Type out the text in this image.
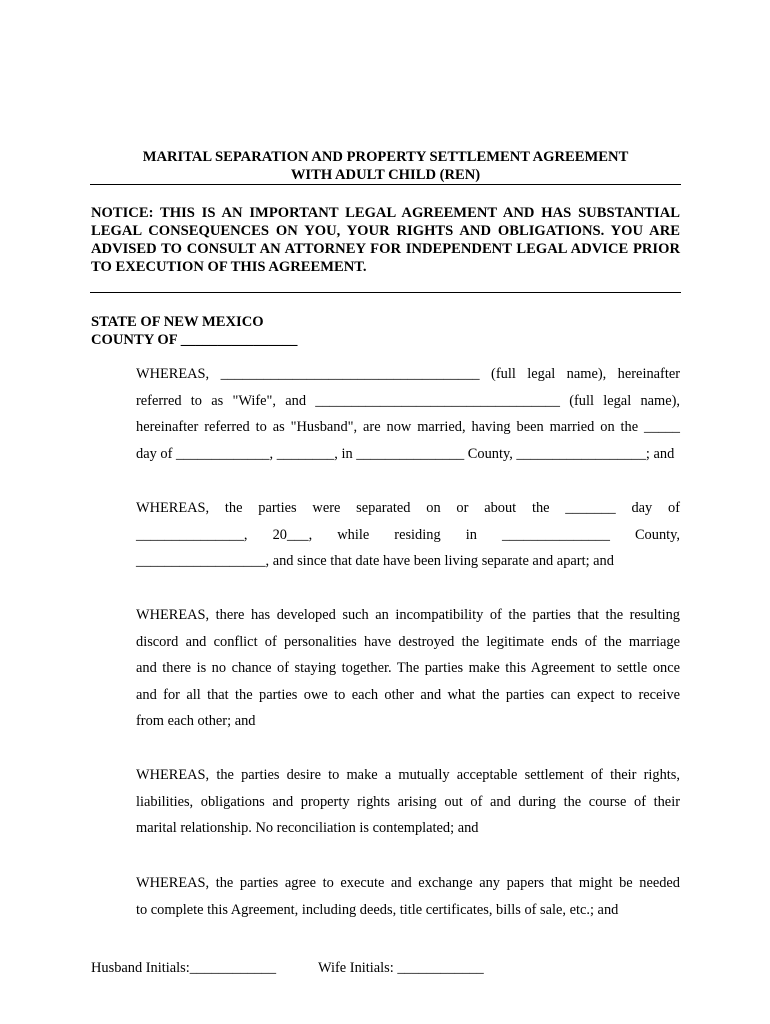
MARITAL SEPARATION AND PROPERTY SETTLEMENT AGREEMENT
WITH ADULT CHILD (REN)
NOTICE: THIS IS AN IMPORTANT LEGAL AGREEMENT AND HAS SUBSTANTIAL LEGAL CONSEQUENCES ON YOU, YOUR RIGHTS AND OBLIGATIONS. YOU ARE ADVISED TO CONSULT AN ATTORNEY FOR INDEPENDENT LEGAL ADVICE PRIOR TO EXECUTION OF THIS AGREEMENT.
STATE OF NEW MEXICO
COUNTY OF ________________
WHEREAS, ____________________________________ (full legal name), hereinafter
referred to as "Wife", and __________________________________ (full legal name),
hereinafter referred to as "Husband", are now married, having been married on the _____
day of _____________, ________, in _______________ County, __________________; and
WHEREAS, the parties were separated on or about the _______ day of
_______________, 20___, while residing in _______________ County,
__________________, and since that date have been living separate and apart; and
WHEREAS, there has developed such an incompatibility of the parties that the resulting
discord and conflict of personalities have destroyed the legitimate ends of the marriage
and there is no chance of staying together. The parties make this Agreement to settle once
and for all that the parties owe to each other and what the parties can expect to receive
from each other; and
WHEREAS, the parties desire to make a mutually acceptable settlement of their rights,
liabilities, obligations and property rights arising out of and during the course of their
marital relationship. No reconciliation is contemplated; and
WHEREAS, the parties agree to execute and exchange any papers that might be needed
to complete this Agreement, including deeds, title certificates, bills of sale, etc.; and
Husband Initials:____________	Wife Initials: ____________
